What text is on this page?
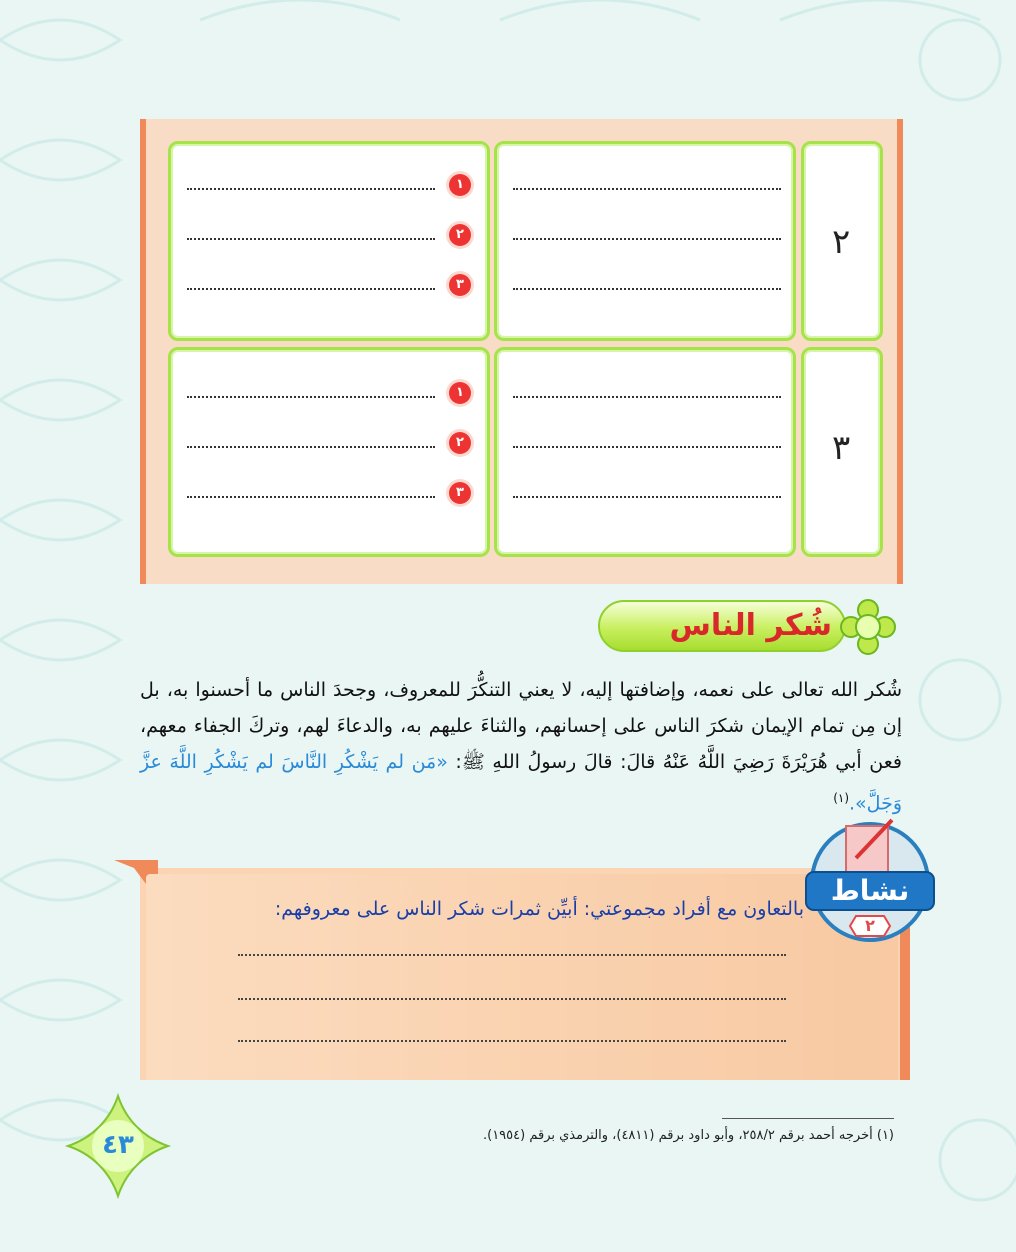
٢
١
٢
٣
٣
١
٢
٣
شُكر الناس
شُكر الله تعالى على نعمه، وإضافتها إليه، لا يعني التنكُّرَ للمعروف، وجحدَ الناس ما أحسنوا به، بل إن مِن تمام الإيمان شكرَ الناس على إحسانهم، والثناءَ عليهم به، والدعاءَ لهم، وتركَ الجفاء معهم، فعن أبي هُرَيْرَةَ رَضِيَ اللَّهُ عَنْهُ قالَ: قالَ رسولُ اللهِ ﷺ: «مَن لم يَشْكُرِ النَّاسَ لم يَشْكُرِ اللَّهَ عزَّ وَجَلَّ».$^{(١)}$
بالتعاون مع أفراد مجموعتي: أبيِّن ثمرات شكر الناس على معروفهم:
نشاط
٢
(١) أخرجه أحمد برقم ٢٥٨/٢، وأبو داود برقم (٤٨١١)، والترمذي برقم (١٩٥٤).
٤٣
